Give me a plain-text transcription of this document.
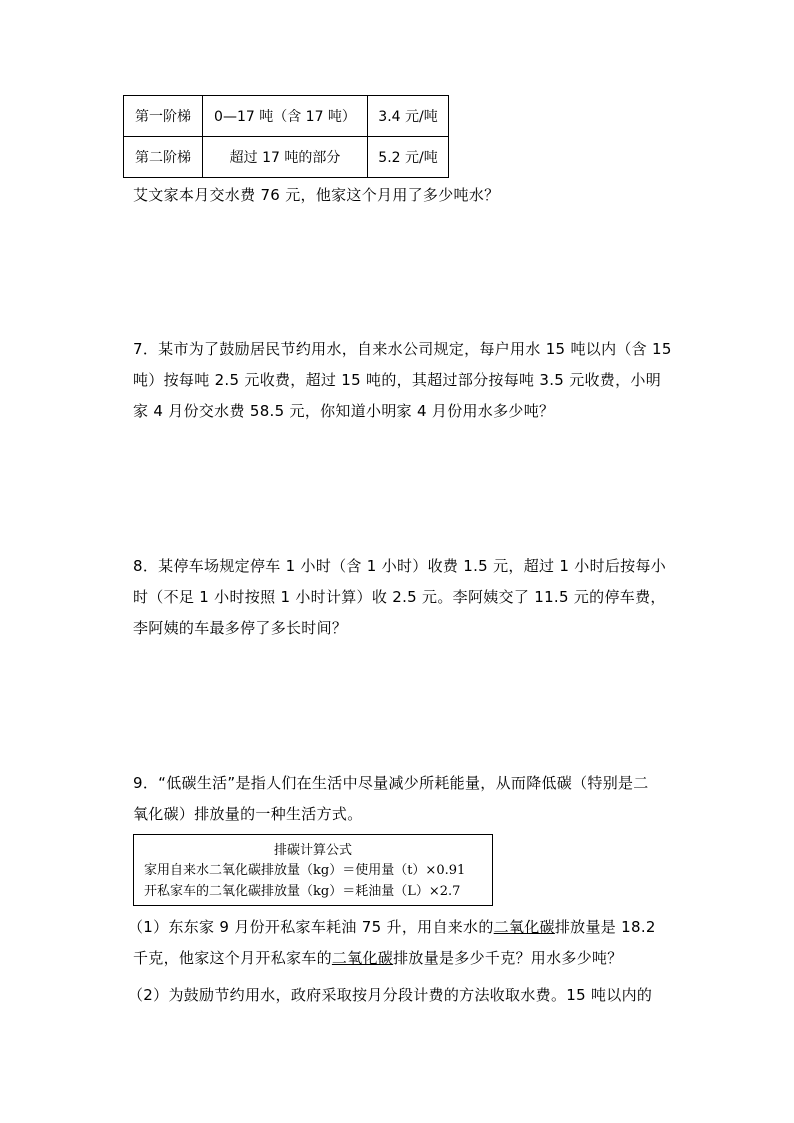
第一阶梯	0—17 吨（含 17 吨）	3.4 元/吨
第二阶梯	超过 17 吨的部分	5.2 元/吨
艾文家本月交水费 76 元，他家这个月用了多少吨水？
7．某市为了鼓励居民节约用水，自来水公司规定，每户用水 15 吨以内（含 15
吨）按每吨 2.5 元收费，超过 15 吨的，其超过部分按每吨 3.5 元收费，小明
家 4 月份交水费 58.5 元，你知道小明家 4 月份用水多少吨？
8．某停车场规定停车 1 小时（含 1 小时）收费 1.5 元，超过 1 小时后按每小
时（不足 1 小时按照 1 小时计算）收 2.5 元。李阿姨交了 11.5 元的停车费，
李阿姨的车最多停了多长时间？
9．“低碳生活”是指人们在生活中尽量减少所耗能量，从而降低碳（特别是二
氧化碳）排放量的一种生活方式。
排碳计算公式
家用自来水二氧化碳排放量（kg）＝使用量（t）×0.91
开私家车的二氧化碳排放量（kg）＝耗油量（L）×2.7
（1）东东家 9 月份开私家车耗油 75 升，用自来水的二氧化碳排放量是 18.2
千克，他家这个月开私家车的二氧化碳排放量是多少千克？用水多少吨？
（2）为鼓励节约用水，政府采取按月分段计费的方法收取水费。15 吨以内的
